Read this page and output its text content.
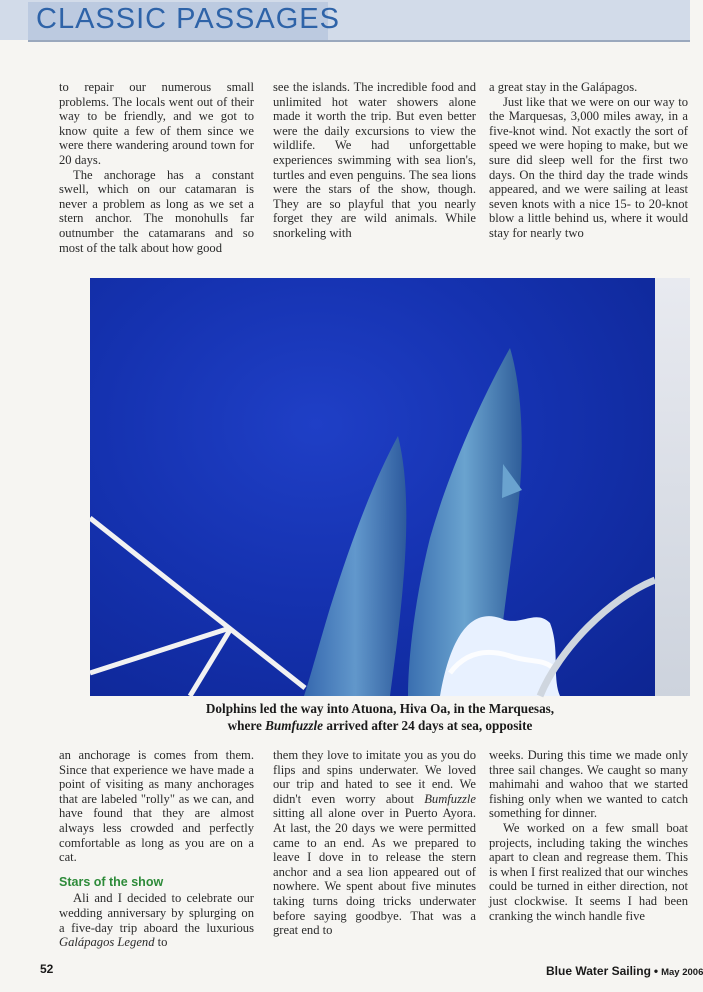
CLASSIC PASSAGES

to repair our numerous small problems. The locals went out of their way to be friendly, and we got to know quite a few of them since we were there wandering around town for 20 days.

The anchorage has a constant swell, which on our catamaran is never a problem as long as we set a stern anchor. The monohulls far outnumber the catamarans and so most of the talk about how good

see the islands. The incredible food and unlimited hot water showers alone made it worth the trip. But even better were the daily excursions to view the wildlife. We had unforgettable experiences swimming with sea lion's, turtles and even penguins. The sea lions were the stars of the show, though. They are so playful that you nearly forget they are wild animals. While snorkeling with

a great stay in the Galápagos.

Just like that we were on our way to the Marquesas, 3,000 miles away, in a five-knot wind. Not exactly the sort of speed we were hoping to make, but we sure did sleep well for the first two days. On the third day the trade winds appeared, and we were sailing at least seven knots with a nice 15- to 20-knot blow a little behind us, where it would stay for nearly two

Dolphins led the way into Atuona, Hiva Oa, in the Marquesas,
where Bumfuzzle arrived after 24 days at sea, opposite

an anchorage is comes from them. Since that experience we have made a point of visiting as many anchorages that are labeled "rolly" as we can, and have found that they are almost always less crowded and perfectly comfortable as long as you are on a cat.

Stars of the show

Ali and I decided to celebrate our wedding anniversary by splurging on a five-day trip aboard the luxurious Galápagos Legend to

them they love to imitate you as you do flips and spins underwater. We loved our trip and hated to see it end. We didn't even worry about Bumfuzzle sitting all alone over in Puerto Ayora. At last, the 20 days we were permitted came to an end. As we prepared to leave I dove in to release the stern anchor and a sea lion appeared out of nowhere. We spent about five minutes taking turns doing tricks underwater before saying goodbye. That was a great end to

weeks. During this time we made only three sail changes. We caught so many mahimahi and wahoo that we started fishing only when we wanted to catch something for dinner.

We worked on a few small boat projects, including taking the winches apart to clean and regrease them. This is when I first realized that our winches could be turned in either direction, not just clockwise. It seems I had been cranking the winch handle five

52	Blue Water Sailing • May 2006
